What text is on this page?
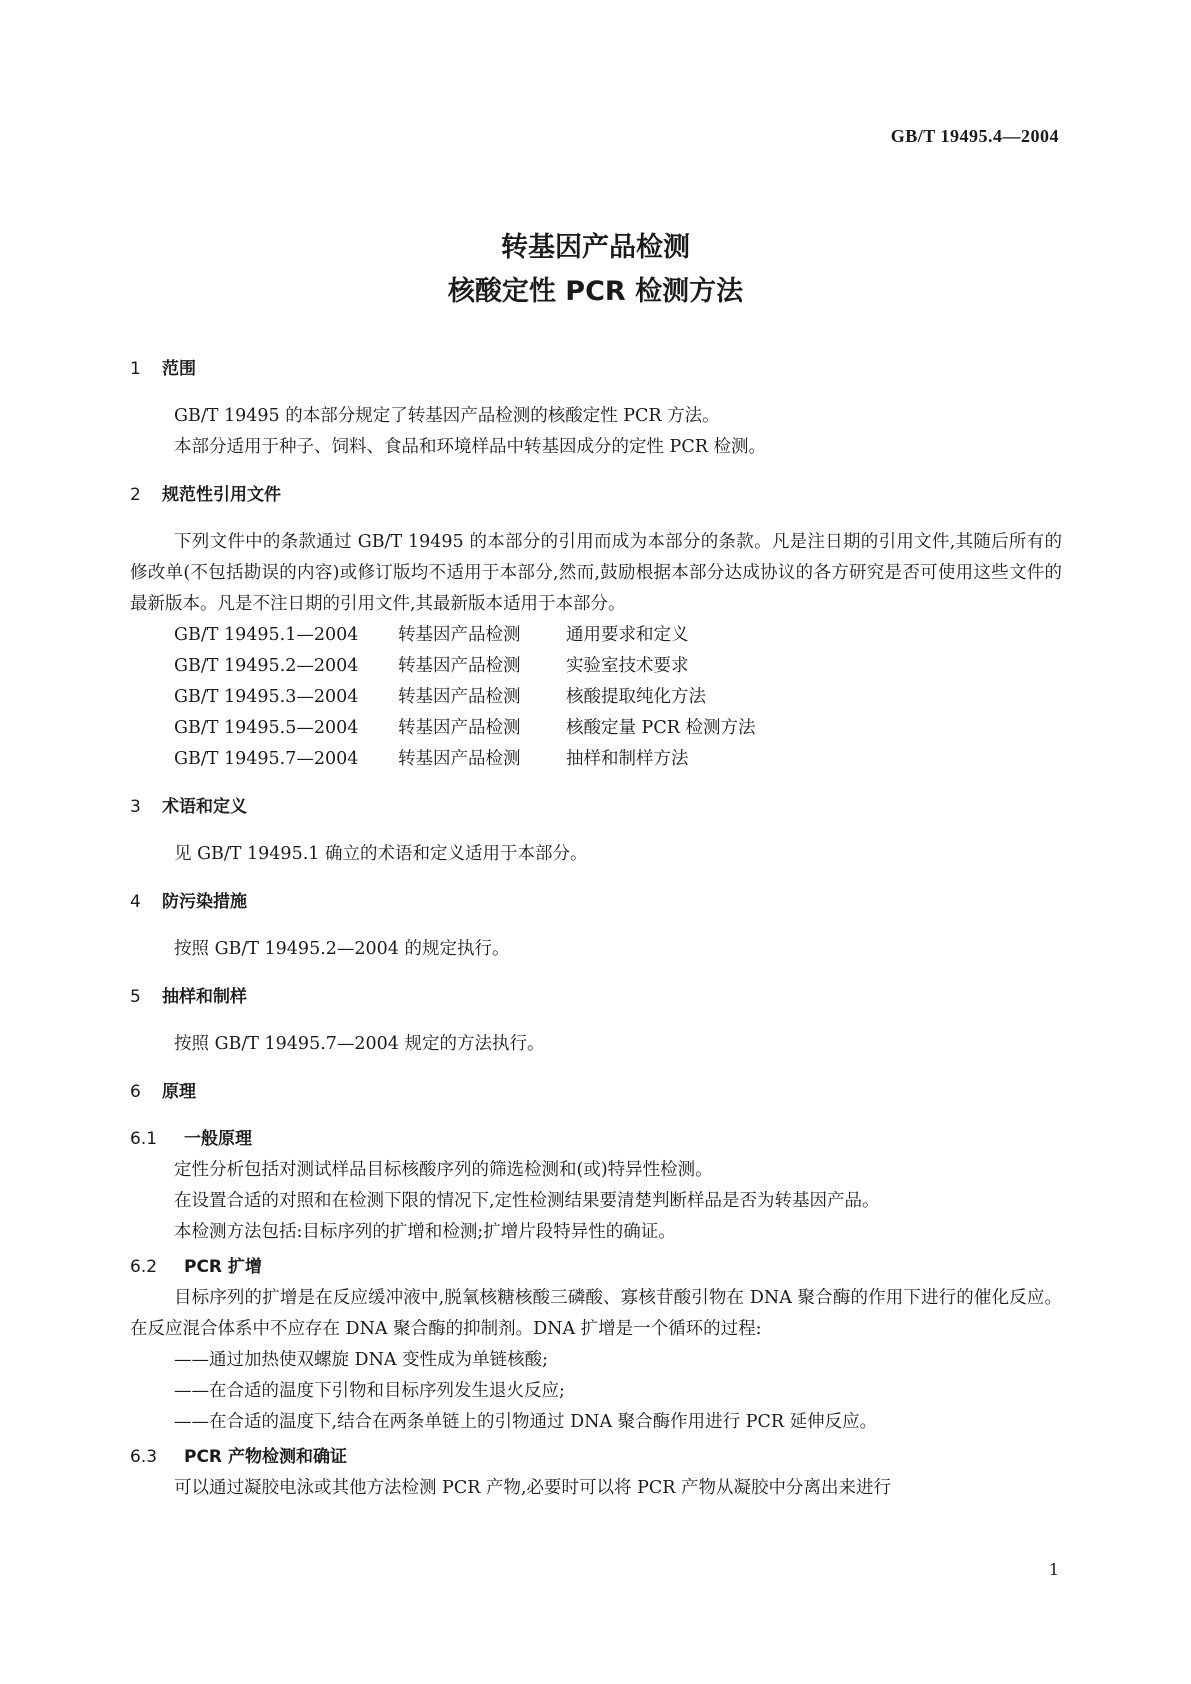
GB/T 19495.4—2004
转基因产品检测
核酸定性 PCR 检测方法
1 范围
GB/T 19495 的本部分规定了转基因产品检测的核酸定性 PCR 方法。
本部分适用于种子、饲料、食品和环境样品中转基因成分的定性 PCR 检测。
2 规范性引用文件
下列文件中的条款通过 GB/T 19495 的本部分的引用而成为本部分的条款。凡是注日期的引用文件,其随后所有的修改单(不包括勘误的内容)或修订版均不适用于本部分,然而,鼓励根据本部分达成协议的各方研究是否可使用这些文件的最新版本。凡是不注日期的引用文件,其最新版本适用于本部分。
GB/T 19495.1—2004 转基因产品检测	通用要求和定义
GB/T 19495.2—2004 转基因产品检测	实验室技术要求
GB/T 19495.3—2004 转基因产品检测	核酸提取纯化方法
GB/T 19495.5—2004 转基因产品检测	核酸定量 PCR 检测方法
GB/T 19495.7—2004 转基因产品检测	抽样和制样方法
3 术语和定义
见 GB/T 19495.1 确立的术语和定义适用于本部分。
4 防污染措施
按照 GB/T 19495.2—2004 的规定执行。
5 抽样和制样
按照 GB/T 19495.7—2004 规定的方法执行。
6 原理
6.1 一般原理
定性分析包括对测试样品目标核酸序列的筛选检测和(或)特异性检测。
在设置合适的对照和在检测下限的情况下,定性检测结果要清楚判断样品是否为转基因产品。
本检测方法包括:目标序列的扩增和检测;扩增片段特异性的确证。
6.2 PCR 扩增
目标序列的扩增是在反应缓冲液中,脱氧核糖核酸三磷酸、寡核苷酸引物在 DNA 聚合酶的作用下进行的催化反应。在反应混合体系中不应存在 DNA 聚合酶的抑制剂。DNA 扩增是一个循环的过程:
——通过加热使双螺旋 DNA 变性成为单链核酸;
——在合适的温度下引物和目标序列发生退火反应;
——在合适的温度下,结合在两条单链上的引物通过 DNA 聚合酶作用进行 PCR 延伸反应。
6.3 PCR 产物检测和确证
可以通过凝胶电泳或其他方法检测 PCR 产物,必要时可以将 PCR 产物从凝胶中分离出来进行
1
